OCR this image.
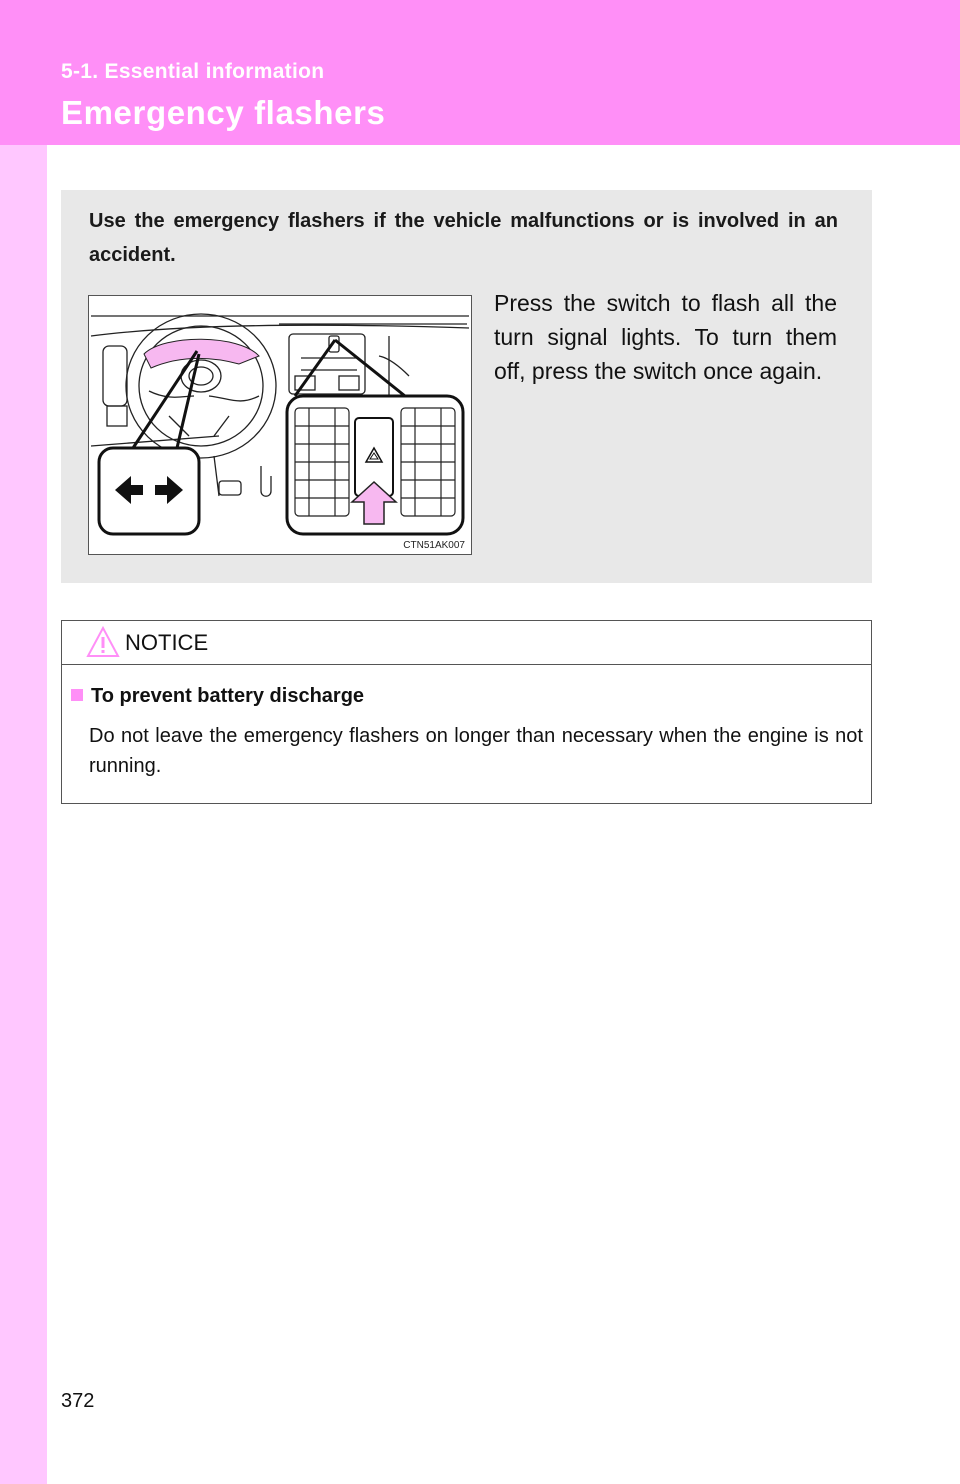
5-1. Essential information
Emergency flashers
Use the emergency flashers if the vehicle malfunctions or is involved in an accident.
CTN51AK007
Press the switch to flash all the turn signal lights. To turn them off, press the switch once again.
NOTICE
To prevent battery discharge
Do not leave the emergency flashers on longer than necessary when the engine is not running.
372
